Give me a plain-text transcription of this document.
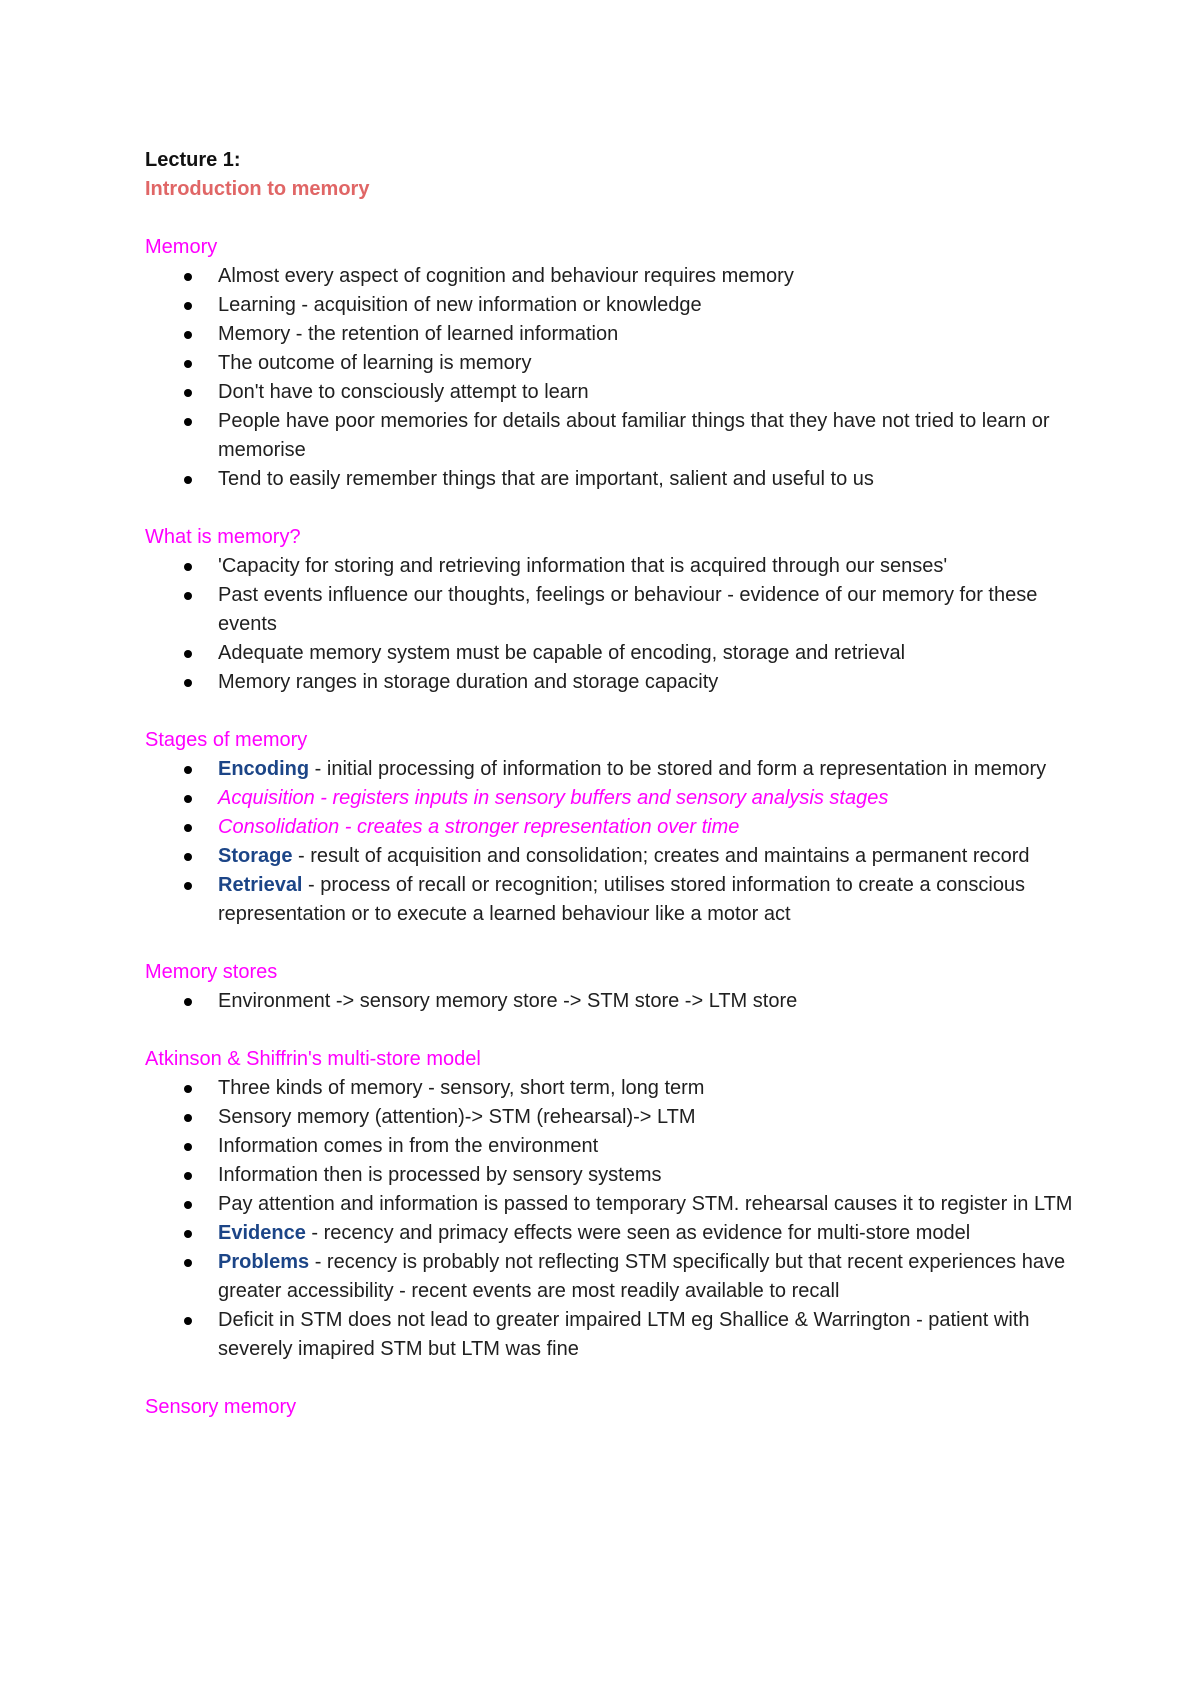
Lecture 1:
Introduction to memory
Memory
Almost every aspect of cognition and behaviour requires memory
Learning - acquisition of new information or knowledge
Memory - the retention of learned information
The outcome of learning is memory
Don't have to consciously attempt to learn
People have poor memories for details about familiar things that they have not tried to learn or memorise
Tend to easily remember things that are important, salient and useful to us
What is memory?
'Capacity for storing and retrieving information that is acquired through our senses'
Past events influence our thoughts, feelings or behaviour - evidence of our memory for these events
Adequate memory system must be capable of encoding, storage and retrieval
Memory ranges in storage duration and storage capacity
Stages of memory
Encoding - initial processing of information to be stored and form a representation in memory
Acquisition - registers inputs in sensory buffers and sensory analysis stages
Consolidation - creates a stronger representation over time
Storage - result of acquisition and consolidation; creates and maintains a permanent record
Retrieval - process of recall or recognition; utilises stored information to create a conscious representation or to execute a learned behaviour like a motor act
Memory stores
Environment -> sensory memory store -> STM store -> LTM store
Atkinson & Shiffrin's multi-store model
Three kinds of memory - sensory, short term, long term
Sensory memory (attention)-> STM (rehearsal)-> LTM
Information comes in from the environment
Information then is processed by sensory systems
Pay attention and information is passed to temporary STM. rehearsal causes it to register in LTM
Evidence - recency and primacy effects were seen as evidence for multi-store model
Problems - recency is probably not reflecting STM specifically but that recent experiences have greater accessibility - recent events are most readily available to recall
Deficit in STM does not lead to greater impaired LTM eg Shallice & Warrington - patient with severely imapired STM but LTM was fine
Sensory memory
